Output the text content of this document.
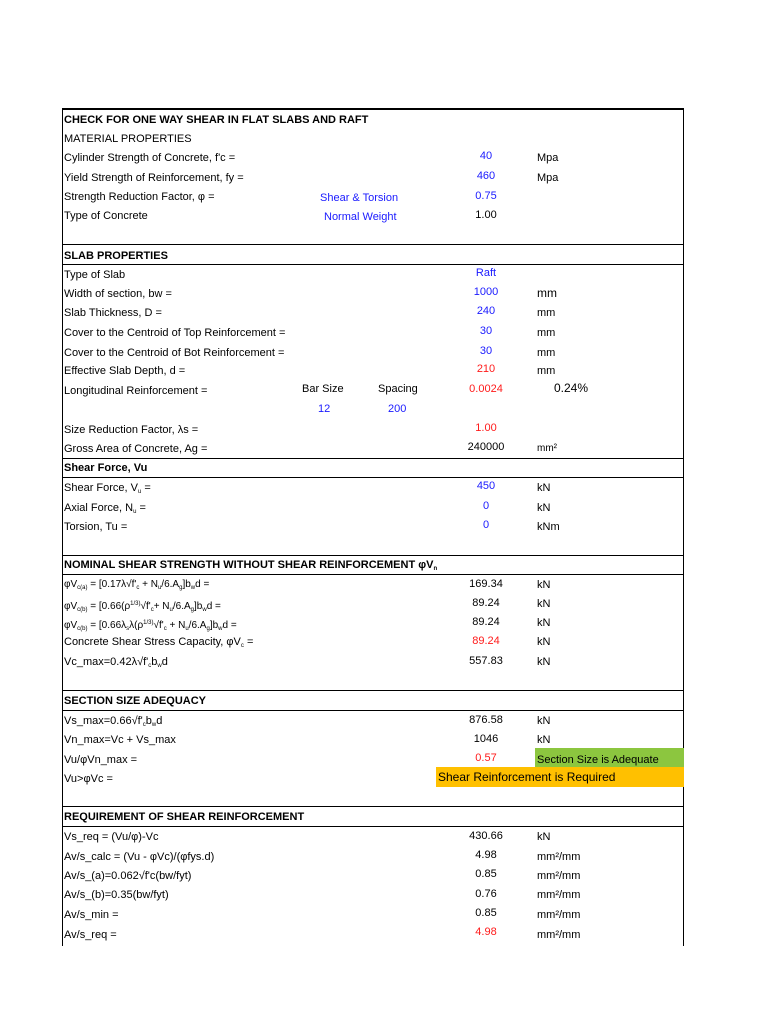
CHECK FOR ONE WAY SHEAR IN FLAT SLABS AND RAFT
MATERIAL PROPERTIES
Cylinder Strength of Concrete, f'c =	40	Mpa
Yield Strength of Reinforcement, fy =	460	Mpa
Strength Reduction Factor, φ =	Shear & Torsion	0.75
Type of Concrete	Normal Weight	1.00
SLAB PROPERTIES
Type of Slab	Raft
Width of section, bw =	1000	mm
Slab Thickness, D =	240	mm
Cover to the Centroid of Top Reinforcement =	30	mm
Cover to the Centroid of Bot Reinforcement =	30	mm
Effective Slab Depth, d =	210	mm
Longitudinal Reinforcement =	Bar Size	Spacing	0.0024	0.24%
12	200
Size Reduction Factor, λs =	1.00
Gross Area of Concrete, Ag =	240000	mm²
Shear Force, Vu
Shear Force, $V_u$ =	450	kN
Axial Force, $N_u$ =	0	kN
Torsion, Tu =	0	kNm
NOMINAL SHEAR STRENGTH WITHOUT SHEAR REINFORCEMENT $\varphi V_n$
$\varphi V_{c(a)} = [0.17\lambda√f'_c + N_u/6.A_g]b_wd$ =	169.34	kN
$\varphi V_{c(b)} = [0.66(\rho^{1/3)}√f'_c+ N_u/6.A_g]b_wd$ =	89.24	kN
$\varphi V_{c(b)} = [0.66\lambda_s\lambda(\rho^{1/3)}√f'_c + N_u/6.A_g]b_wd$ =	89.24	kN
Concrete Shear Stress Capacity, $\varphi V_c$ =	89.24	kN
$Vc\_\max=0.42\lambda√f'_cb_wd$	557.83	kN
SECTION SIZE ADEQUACY
$Vs\_\max=0.66√f'_cb_wd$	876.58	kN
Vn_max=Vc + Vs_max	1046	kN
Vu/φVn_max =	0.57	Section Size is Adequate
Vu>φVc =	Shear Reinforcement is Required
REQUIREMENT OF SHEAR REINFORCEMENT
Vs_req = (Vu/φ)-Vc	430.66	kN
Av/s_calc = (Vu - φVc)/(φfys.d)	4.98	mm²/mm
Av/s_(a)=0.062√f'c(bw/fyt)	0.85	mm²/mm
Av/s_(b)=0.35(bw/fyt)	0.76	mm²/mm
Av/s_min =	0.85	mm²/mm
Av/s_req =	4.98	mm²/mm
